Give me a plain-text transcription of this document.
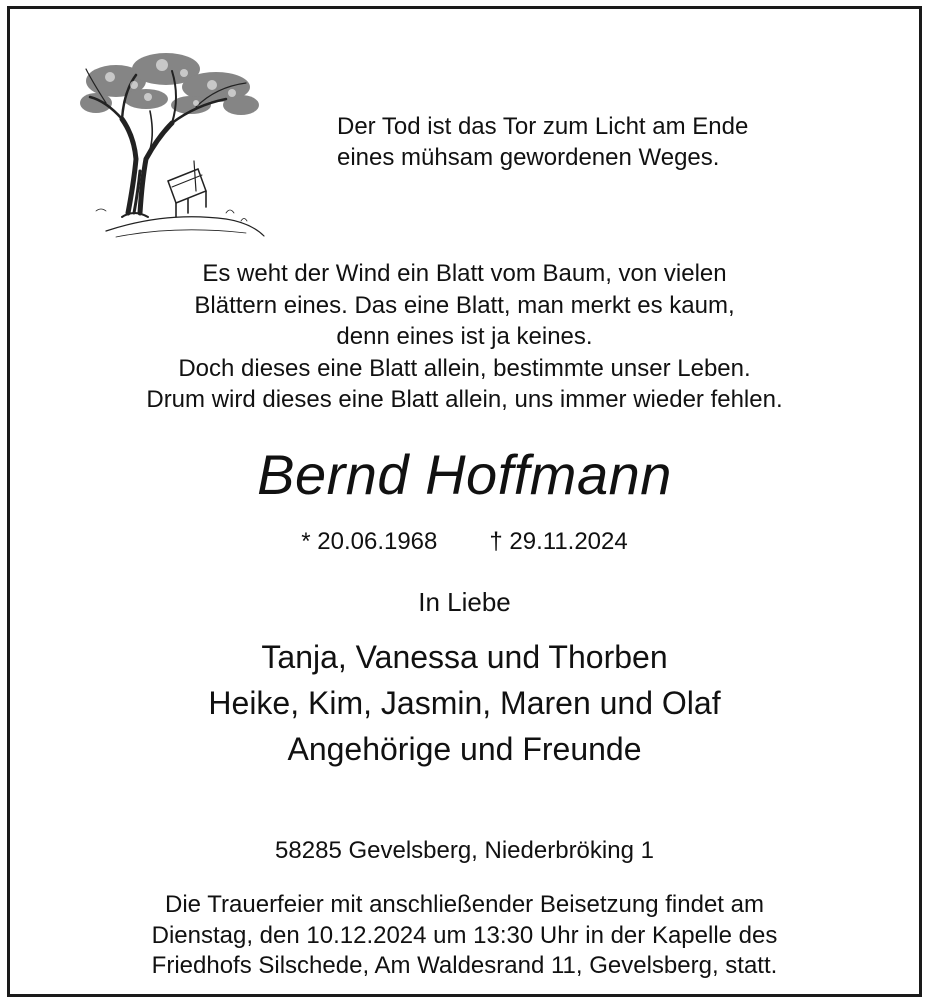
Der Tod ist das Tor zum Licht am Ende
eines mühsam gewordenen Weges.
Es weht der Wind ein Blatt vom Baum, von vielen
Blättern eines. Das eine Blatt, man merkt es kaum,
denn eines ist ja keines.
Doch dieses eine Blatt allein, bestimmte unser Leben.
Drum wird dieses eine Blatt allein, uns immer wieder fehlen.
Bernd Hoffmann
* 20.06.1968 † 29.11.2024
In Liebe
Tanja, Vanessa und Thorben
Heike, Kim, Jasmin, Maren und Olaf
Angehörige und Freunde
58285 Gevelsberg, Niederbröking 1
Die Trauerfeier mit anschließender Beisetzung findet am
Dienstag, den 10.12.2024 um 13:30 Uhr in der Kapelle des
Friedhofs Silschede, Am Waldesrand 11, Gevelsberg, statt.
